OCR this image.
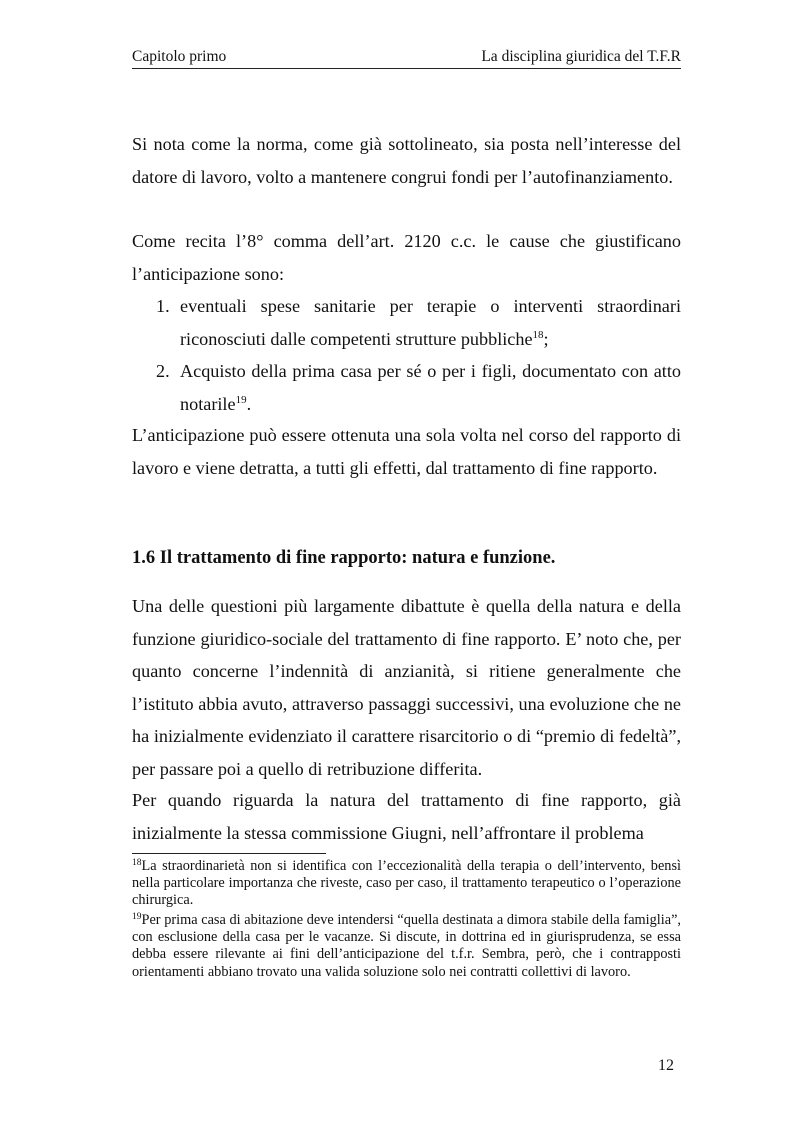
Capitolo primo	La disciplina giuridica del T.F.R
Si nota come la norma, come già sottolineato, sia posta nell’interesse del datore di lavoro, volto a mantenere congrui fondi per l’autofinanziamento.
Come recita l’8° comma dell’art. 2120 c.c. le cause che giustificano l’anticipazione sono:
1. eventuali spese sanitarie per terapie o interventi straordinari riconosciuti dalle competenti strutture pubbliche$^{18}$;
2. Acquisto della prima casa per sé o per i figli, documentato con atto notarile$^{19}$.
L’anticipazione può essere ottenuta una sola volta nel corso del rapporto di lavoro e viene detratta, a tutti gli effetti, dal trattamento di fine rapporto.
1.6 Il trattamento di fine rapporto: natura e funzione.
Una delle questioni più largamente dibattute è quella della natura e della funzione giuridico-sociale del trattamento di fine rapporto. E’ noto che, per quanto concerne l’indennità di anzianità, si ritiene generalmente che l’istituto abbia avuto, attraverso passaggi successivi, una evoluzione che ne ha inizialmente evidenziato il carattere risarcitorio o di “premio di fedeltà”, per passare poi a quello di retribuzione differita.
Per quando riguarda la natura del trattamento di fine rapporto, già inizialmente la stessa commissione Giugni, nell’affrontare il problema
$^{18}$La straordinarietà non si identifica con l’eccezionalità della terapia o dell’intervento, bensì nella particolare importanza che riveste, caso per caso, il trattamento terapeutico o l’operazione chirurgica.
$^{19}$Per prima casa di abitazione deve intendersi “quella destinata a dimora stabile della famiglia”, con esclusione della casa per le vacanze. Si discute, in dottrina ed in giurisprudenza, se essa debba essere rilevante ai fini dell’anticipazione del t.f.r. Sembra, però, che i contrapposti orientamenti abbiano trovato una valida soluzione solo nei contratti collettivi di lavoro.
12
